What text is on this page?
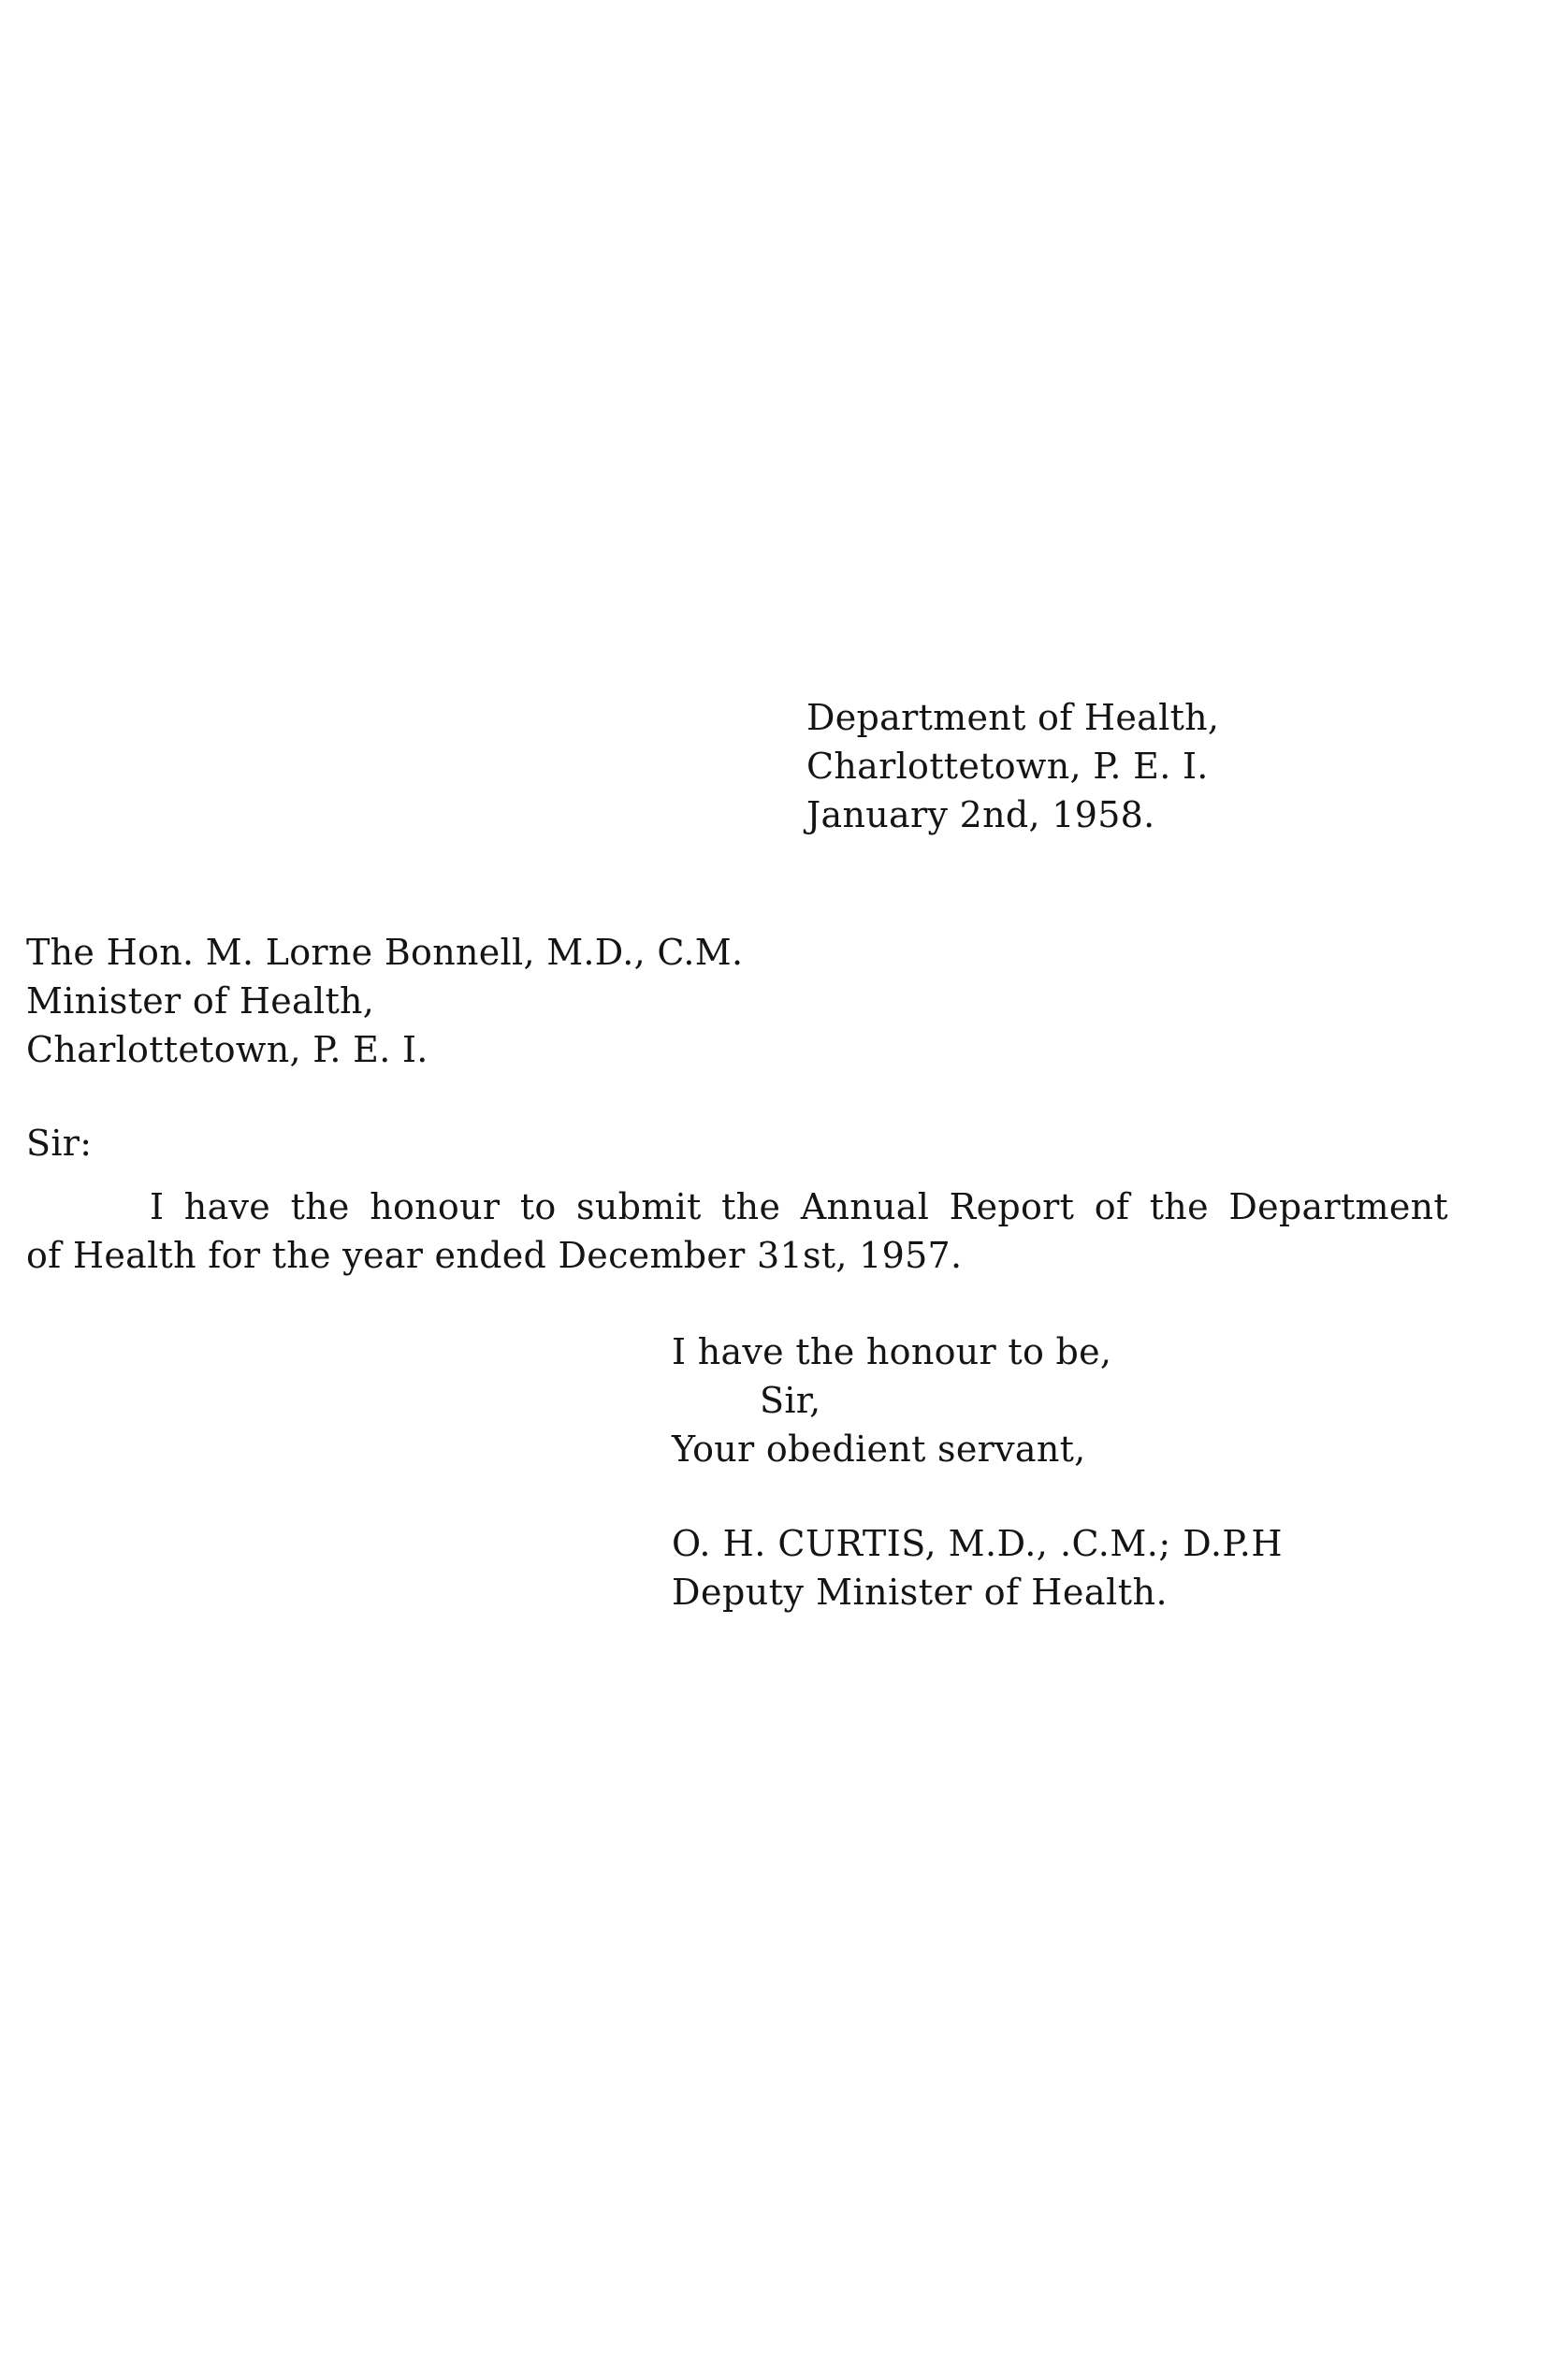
Department of Health,
Charlottetown, P. E. I.
January 2nd, 1958.
The Hon. M. Lorne Bonnell, M.D., C.M.
Minister of Health,
Charlottetown, P. E. I.
Sir:
I have the honour to submit the Annual Report of the Department
of Health for the year ended December 31st, 1957.
I have the honour to be,
Sir,
Your obedient servant,
O. H. CURTIS, M.D., .C.M.; D.P.H
Deputy Minister of Health.
